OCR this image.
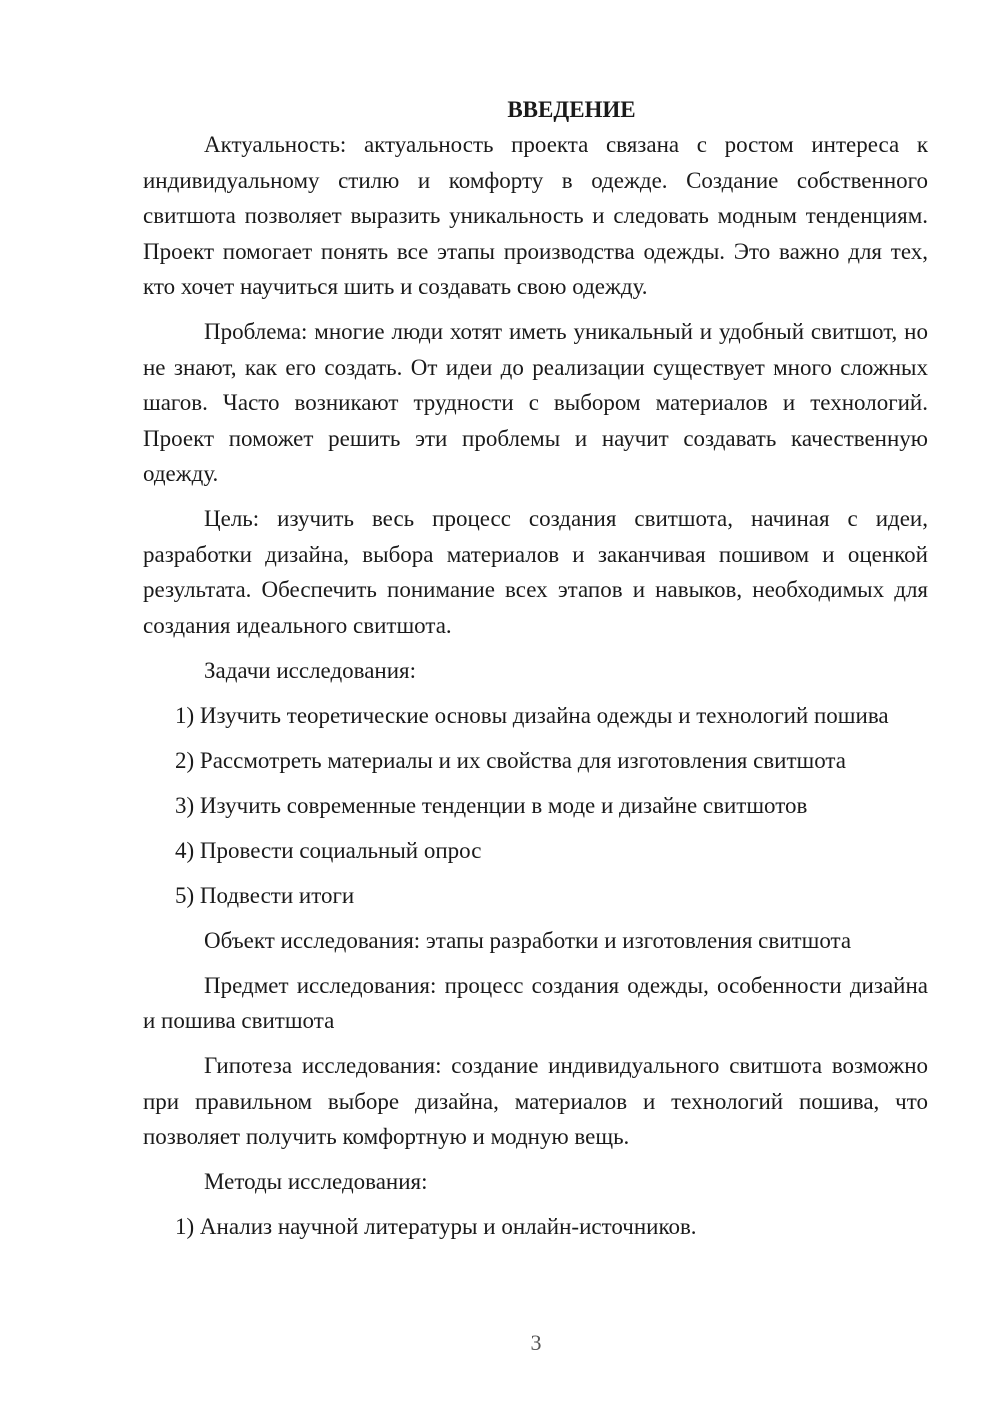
ВВЕДЕНИЕ

Актуальность: актуальность проекта связана с ростом интереса к индивидуальному стилю и комфорту в одежде. Создание собственного свитшота позволяет выразить уникальность и следовать модным тенденциям. Проект помогает понять все этапы производства одежды. Это важно для тех, кто хочет научиться шить и создавать свою одежду.

Проблема: многие люди хотят иметь уникальный и удобный свитшот, но не знают, как его создать. От идеи до реализации существует много сложных шагов. Часто возникают трудности с выбором материалов и технологий. Проект поможет решить эти проблемы и научит создавать качественную одежду.

Цель: изучить весь процесс создания свитшота, начиная с идеи, разработки дизайна, выбора материалов и заканчивая пошивом и оценкой результата. Обеспечить понимание всех этапов и навыков, необходимых для создания идеального свитшота.

Задачи исследования:

1) Изучить теоретические основы дизайна одежды и технологий пошива

2) Рассмотреть материалы и их свойства для изготовления свитшота

3) Изучить современные тенденции в моде и дизайне свитшотов

4) Провести социальный опрос

5) Подвести итоги

Объект исследования: этапы разработки и изготовления свитшота

Предмет исследования: процесс создания одежды, особенности дизайна и пошива свитшота

Гипотеза исследования: создание индивидуального свитшота возможно при правильном выборе дизайна, материалов и технологий пошива, что позволяет получить комфортную и модную вещь.

Методы исследования:

1) Анализ научной литературы и онлайн-источников.

3
